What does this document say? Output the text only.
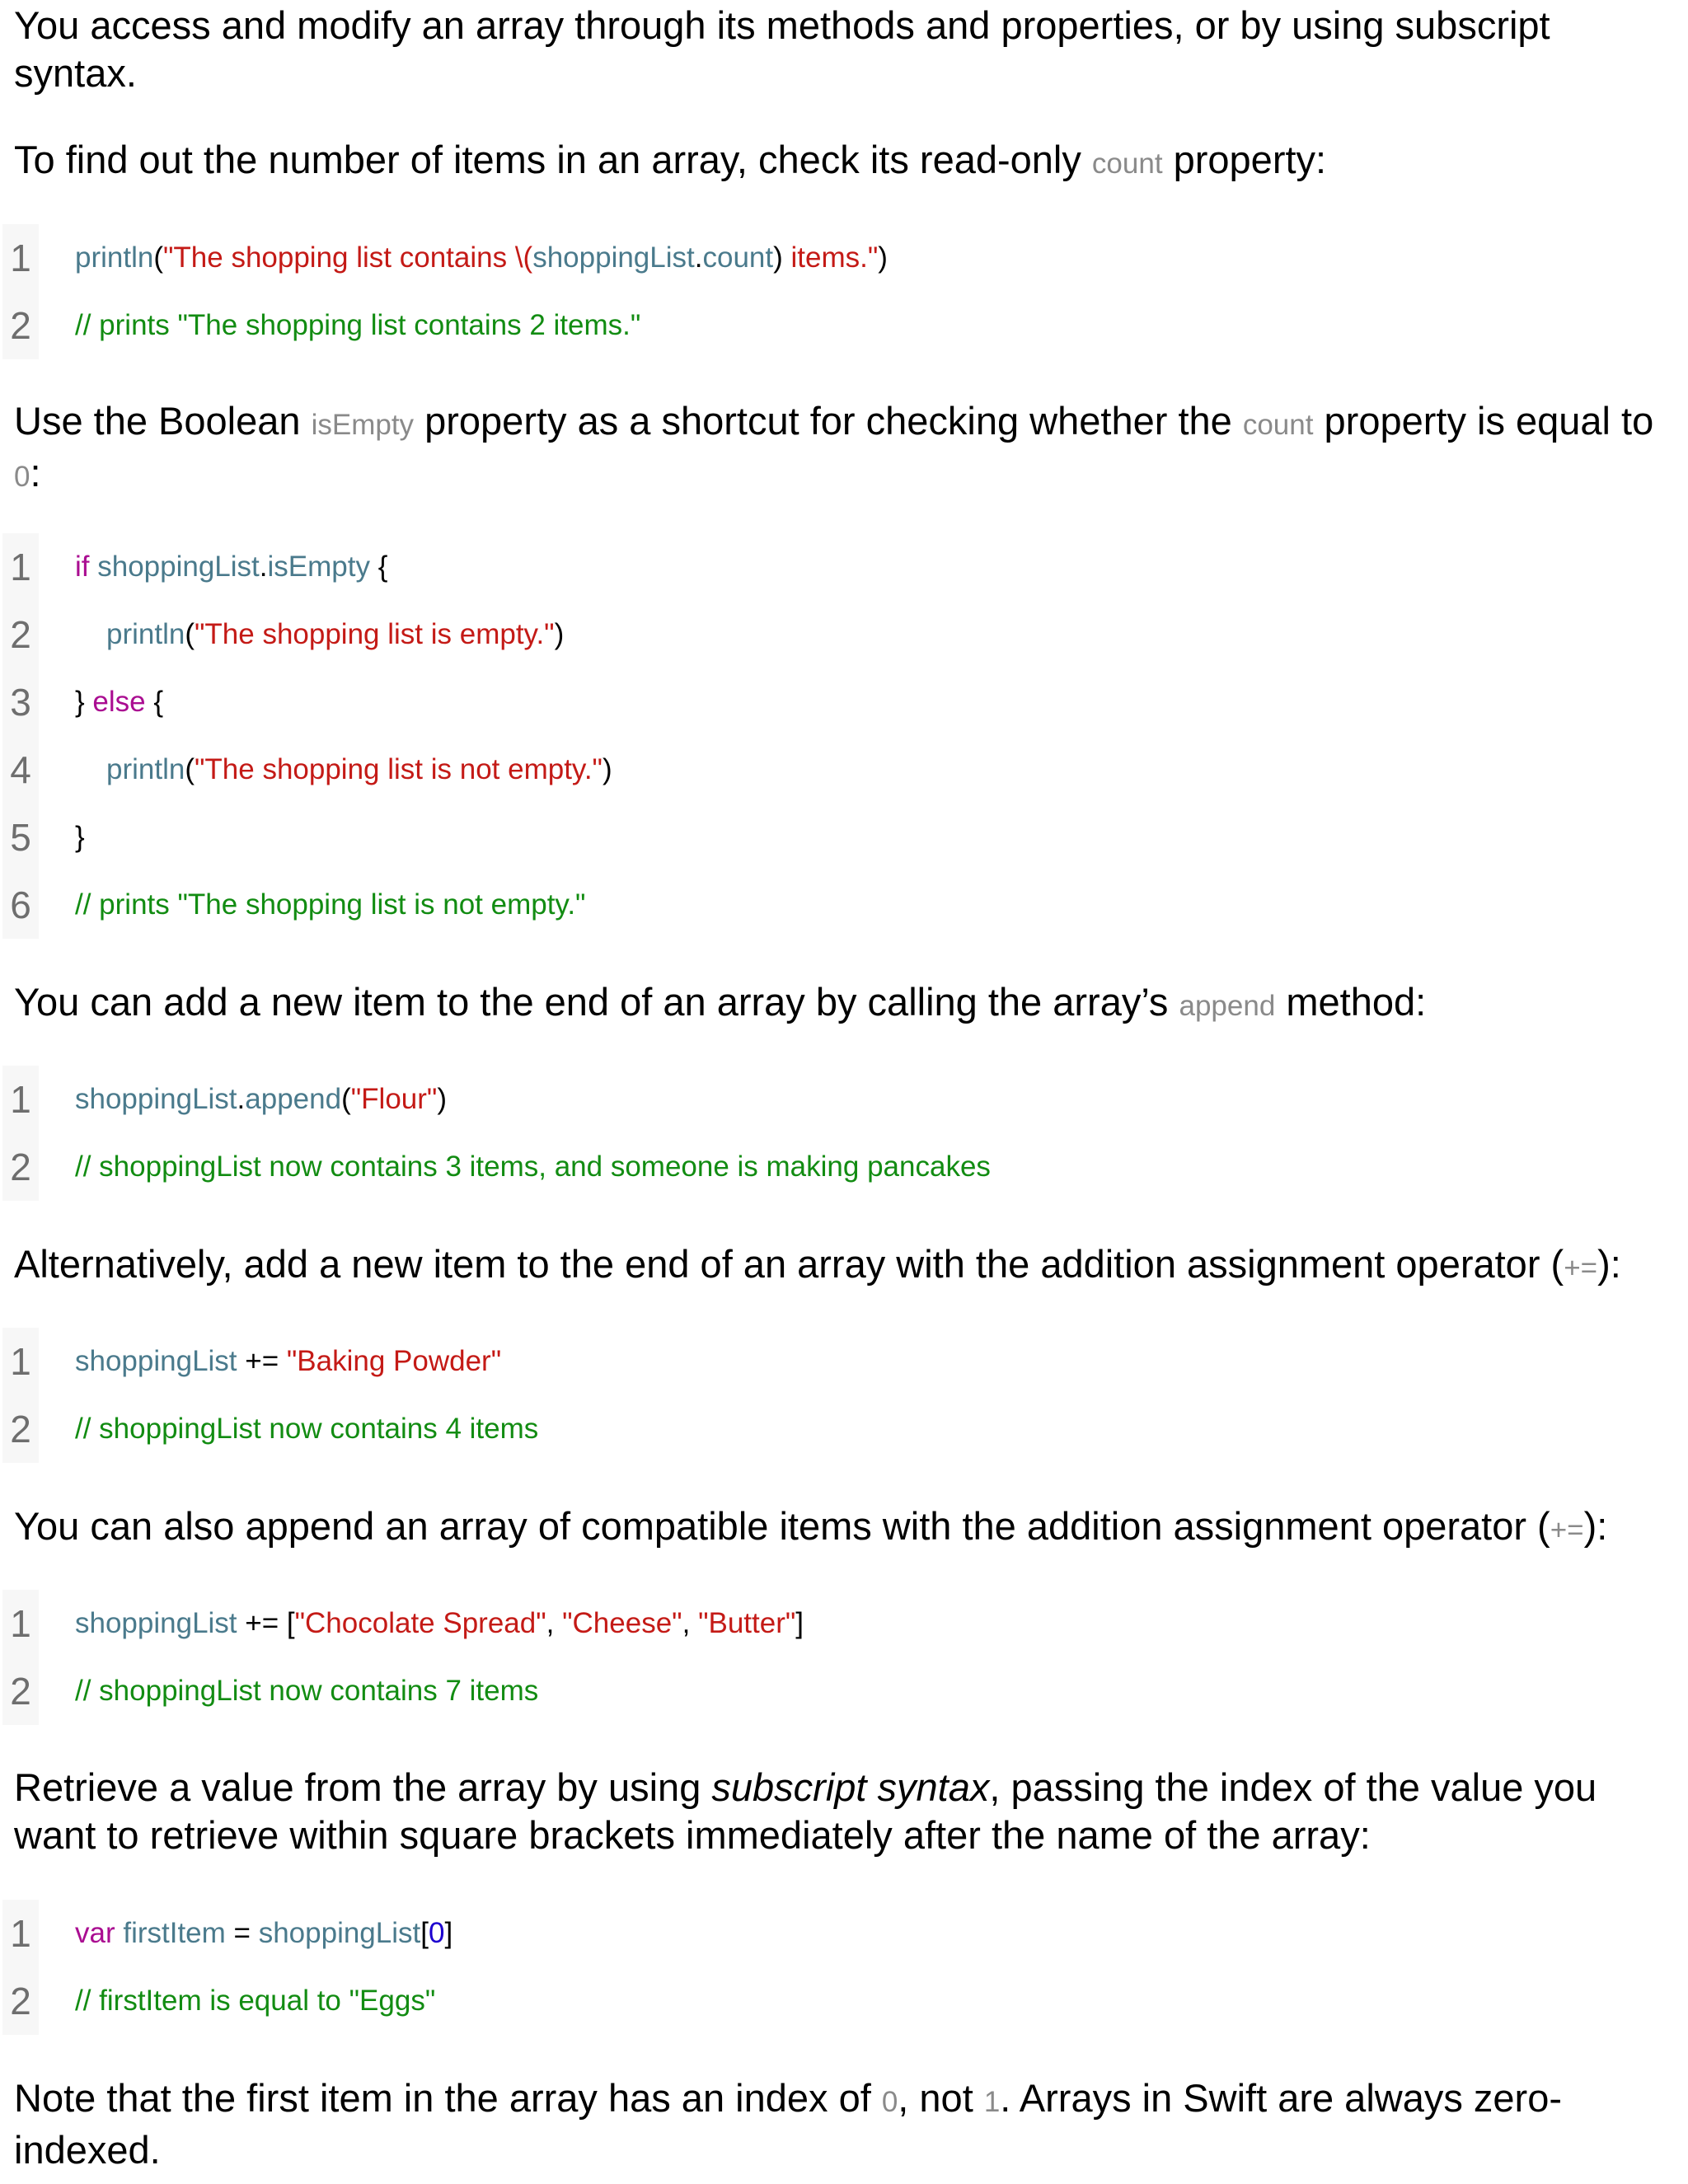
You access and modify an array through its methods and properties, or by using subscript syntax.

To find out the number of items in an array, check its read-only count property:

1 println("The shopping list contains \(shoppingList.count) items.")
2 // prints "The shopping list contains 2 items."

Use the Boolean isEmpty property as a shortcut for checking whether the count property is equal to 0:

1 if shoppingList.isEmpty {
2	println("The shopping list is empty.")
3 } else {
4	println("The shopping list is not empty.")
5 }
6 // prints "The shopping list is not empty."

You can add a new item to the end of an array by calling the array’s append method:

1 shoppingList.append("Flour")
2 // shoppingList now contains 3 items, and someone is making pancakes

Alternatively, add a new item to the end of an array with the addition assignment operator (+=):

1 shoppingList += "Baking Powder"
2 // shoppingList now contains 4 items

You can also append an array of compatible items with the addition assignment operator (+=):

1 shoppingList += ["Chocolate Spread", "Cheese", "Butter"]
2 // shoppingList now contains 7 items

Retrieve a value from the array by using subscript syntax, passing the index of the value you want to retrieve within square brackets immediately after the name of the array:

1 var firstItem = shoppingList[0]
2 // firstItem is equal to "Eggs"

Note that the first item in the array has an index of 0, not 1. Arrays in Swift are always zero-indexed.
